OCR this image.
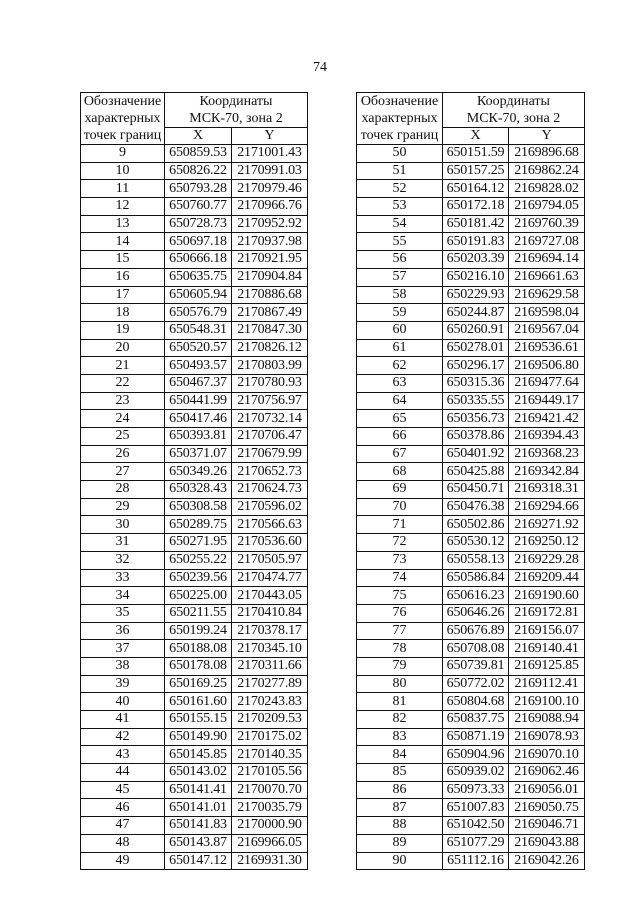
74
Обозначение
характерных
точек границ	Координаты	
	МСК-70, зона 2	
	X	Y
9	650859.53	2171001.43
10	650826.22	2170991.03
11	650793.28	2170979.46
12	650760.77	2170966.76
13	650728.73	2170952.92
14	650697.18	2170937.98
15	650666.18	2170921.95
16	650635.75	2170904.84
17	650605.94	2170886.68
18	650576.79	2170867.49
19	650548.31	2170847.30
20	650520.57	2170826.12
21	650493.57	2170803.99
22	650467.37	2170780.93
23	650441.99	2170756.97
24	650417.46	2170732.14
25	650393.81	2170706.47
26	650371.07	2170679.99
27	650349.26	2170652.73
28	650328.43	2170624.73
29	650308.58	2170596.02
30	650289.75	2170566.63
31	650271.95	2170536.60
32	650255.22	2170505.97
33	650239.56	2170474.77
34	650225.00	2170443.05
35	650211.55	2170410.84
36	650199.24	2170378.17
37	650188.08	2170345.10
38	650178.08	2170311.66
39	650169.25	2170277.89
40	650161.60	2170243.83
41	650155.15	2170209.53
42	650149.90	2170175.02
43	650145.85	2170140.35
44	650143.02	2170105.56
45	650141.41	2170070.70
46	650141.01	2170035.79
47	650141.83	2170000.90
48	650143.87	2169966.05
49	650147.12	2169931.30
Обозначение
характерных
точек границ	Координаты	
	МСК-70, зона 2	
	X	Y
50	650151.59	2169896.68
51	650157.25	2169862.24
52	650164.12	2169828.02
53	650172.18	2169794.05
54	650181.42	2169760.39
55	650191.83	2169727.08
56	650203.39	2169694.14
57	650216.10	2169661.63
58	650229.93	2169629.58
59	650244.87	2169598.04
60	650260.91	2169567.04
61	650278.01	2169536.61
62	650296.17	2169506.80
63	650315.36	2169477.64
64	650335.55	2169449.17
65	650356.73	2169421.42
66	650378.86	2169394.43
67	650401.92	2169368.23
68	650425.88	2169342.84
69	650450.71	2169318.31
70	650476.38	2169294.66
71	650502.86	2169271.92
72	650530.12	2169250.12
73	650558.13	2169229.28
74	650586.84	2169209.44
75	650616.23	2169190.60
76	650646.26	2169172.81
77	650676.89	2169156.07
78	650708.08	2169140.41
79	650739.81	2169125.85
80	650772.02	2169112.41
81	650804.68	2169100.10
82	650837.75	2169088.94
83	650871.19	2169078.93
84	650904.96	2169070.10
85	650939.02	2169062.46
86	650973.33	2169056.01
87	651007.83	2169050.75
88	651042.50	2169046.71
89	651077.29	2169043.88
90	651112.16	2169042.26
